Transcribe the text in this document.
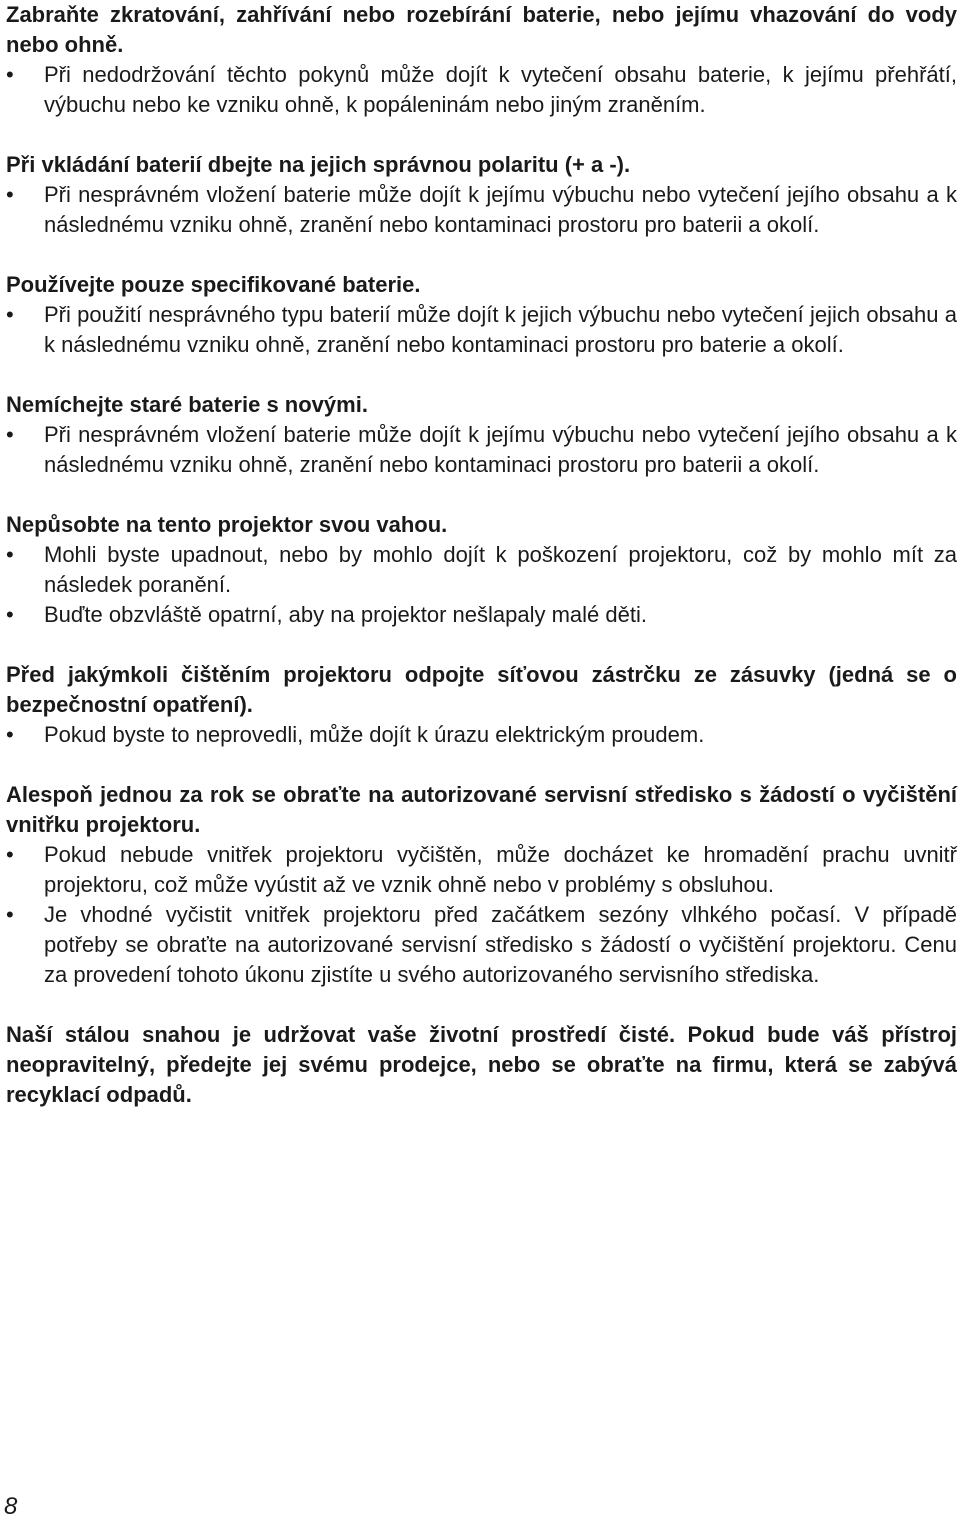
Zabraňte zkratování, zahřívání nebo rozebírání baterie, nebo jejímu vhazování do vody nebo ohně.

• Při nedodržování těchto pokynů může dojít k vytečení obsahu baterie, k jejímu přehřátí, výbuchu nebo ke vzniku ohně, k popáleninám nebo jiným zraněním.

Při vkládání baterií dbejte na jejich správnou polaritu (+ a -).

• Při nesprávném vložení baterie může dojít k jejímu výbuchu nebo vytečení jejího obsahu a k následnému vzniku ohně, zranění nebo kontaminaci prostoru pro baterii a okolí.

Používejte pouze specifikované baterie.

• Při použití nesprávného typu baterií může dojít k jejich výbuchu nebo vytečení jejich obsahu a k následnému vzniku ohně, zranění nebo kontaminaci prostoru pro baterie a okolí.

Nemíchejte staré baterie s novými.

• Při nesprávném vložení baterie může dojít k jejímu výbuchu nebo vytečení jejího obsahu a k následnému vzniku ohně, zranění nebo kontaminaci prostoru pro baterii a okolí.

Nepůsobte na tento projektor svou vahou.

• Mohli byste upadnout, nebo by mohlo dojít k poškození projektoru, což by mohlo mít za následek poranění.
• Buďte obzvláště opatrní, aby na projektor nešlapaly malé děti.

Před jakýmkoli čištěním projektoru odpojte síťovou zástrčku ze zásuvky (jedná se o bezpečnostní opatření).

• Pokud byste to neprovedli, může dojít k úrazu elektrickým proudem.

Alespoň jednou za rok se obraťte na autorizované servisní středisko s žádostí o vyčištění vnitřku projektoru.

• Pokud nebude vnitřek projektoru vyčištěn, může docházet ke hromadění prachu uvnitř projektoru, což může vyústit až ve vznik ohně nebo v problémy s obsluhou.
• Je vhodné vyčistit vnitřek projektoru před začátkem sezóny vlhkého počasí. V případě potřeby se obraťte na autorizované servisní středisko s žádostí o vyčištění projektoru. Cenu za provedení tohoto úkonu zjistíte u svého autorizovaného servisního střediska.

Naší stálou snahou je udržovat vaše životní prostředí čisté. Pokud bude váš přístroj neopravitelný, předejte jej svému prodejce, nebo se obraťte na firmu, která se zabývá recyklací odpadů.

8
